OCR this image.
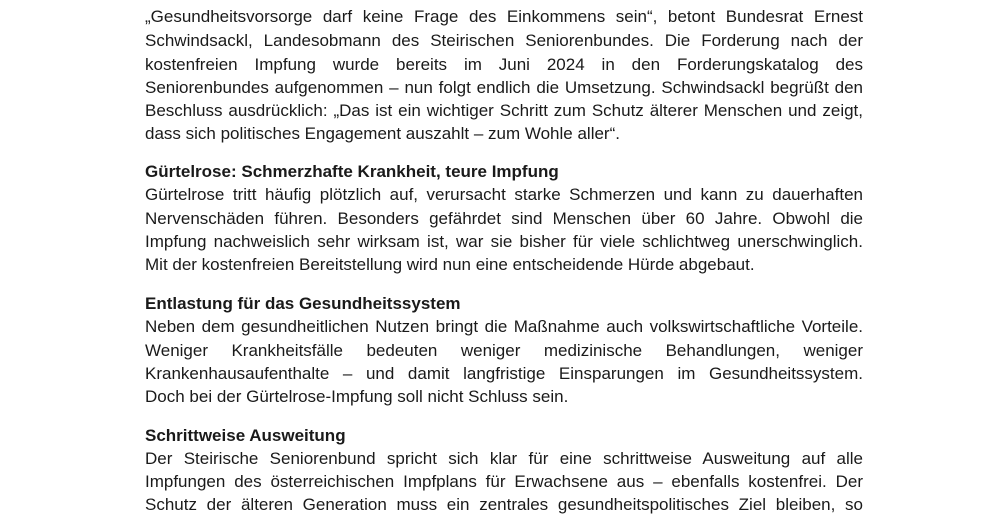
„Gesundheitsvorsorge darf keine Frage des Einkommens sein“, betont Bundesrat Ernest
Schwindsackl, Landesobmann des Steirischen Seniorenbundes. Die Forderung nach der
kostenfreien Impfung wurde bereits im Juni 2024 in den Forderungskatalog des
Seniorenbundes aufgenommen – nun folgt endlich die Umsetzung. Schwindsackl begrüßt den
Beschluss ausdrücklich: „Das ist ein wichtiger Schritt zum Schutz älterer Menschen und zeigt,
dass sich politisches Engagement auszahlt – zum Wohle aller“.
Gürtelrose: Schmerzhafte Krankheit, teure Impfung
Gürtelrose tritt häufig plötzlich auf, verursacht starke Schmerzen und kann zu dauerhaften
Nervenschäden führen. Besonders gefährdet sind Menschen über 60 Jahre. Obwohl die
Impfung nachweislich sehr wirksam ist, war sie bisher für viele schlichtweg unerschwinglich.
Mit der kostenfreien Bereitstellung wird nun eine entscheidende Hürde abgebaut.
Entlastung für das Gesundheitssystem
Neben dem gesundheitlichen Nutzen bringt die Maßnahme auch volkswirtschaftliche Vorteile.
Weniger Krankheitsfälle bedeuten weniger medizinische Behandlungen, weniger
Krankenhausaufenthalte – und damit langfristige Einsparungen im Gesundheitssystem.
Doch bei der Gürtelrose-Impfung soll nicht Schluss sein.
Schrittweise Ausweitung
Der Steirische Seniorenbund spricht sich klar für eine schrittweise Ausweitung auf alle
Impfungen des österreichischen Impfplans für Erwachsene aus – ebenfalls kostenfrei. Der
Schutz der älteren Generation muss ein zentrales gesundheitspolitisches Ziel bleiben, so
